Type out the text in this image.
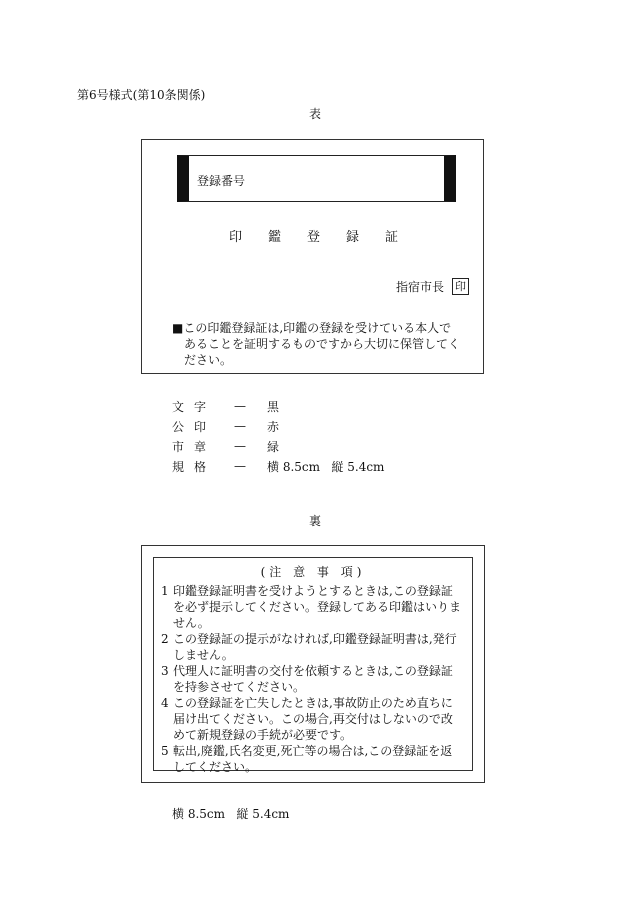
第6号様式(第10条関係)
表
登録番号
印鑑登録証
指宿市長 印
■この印鑑登録証は,印鑑の登録を受けている本人で
あることを証明するものですから大切に保管してください。
文字	—	黒
公印	—	赤
市章	—	緑
規格	—	横 8.5cm   縦 5.4cm
裏
(注 意 事 項)
1 印鑑登録証明書を受けようとするときは,この登録証を必ず提示してください。登録してある印鑑はいりません。
2 この登録証の提示がなければ,印鑑登録証明書は,発行しません。
3 代理人に証明書の交付を依頼するときは,この登録証を持参させてください。
4 この登録証を亡失したときは,事故防止のため直ちに届け出てください。この場合,再交付はしないので改めて新規登録の手続が必要です。
5 転出,廃鑑,氏名変更,死亡等の場合は,この登録証を返してください。
横 8.5cm   縦 5.4cm
